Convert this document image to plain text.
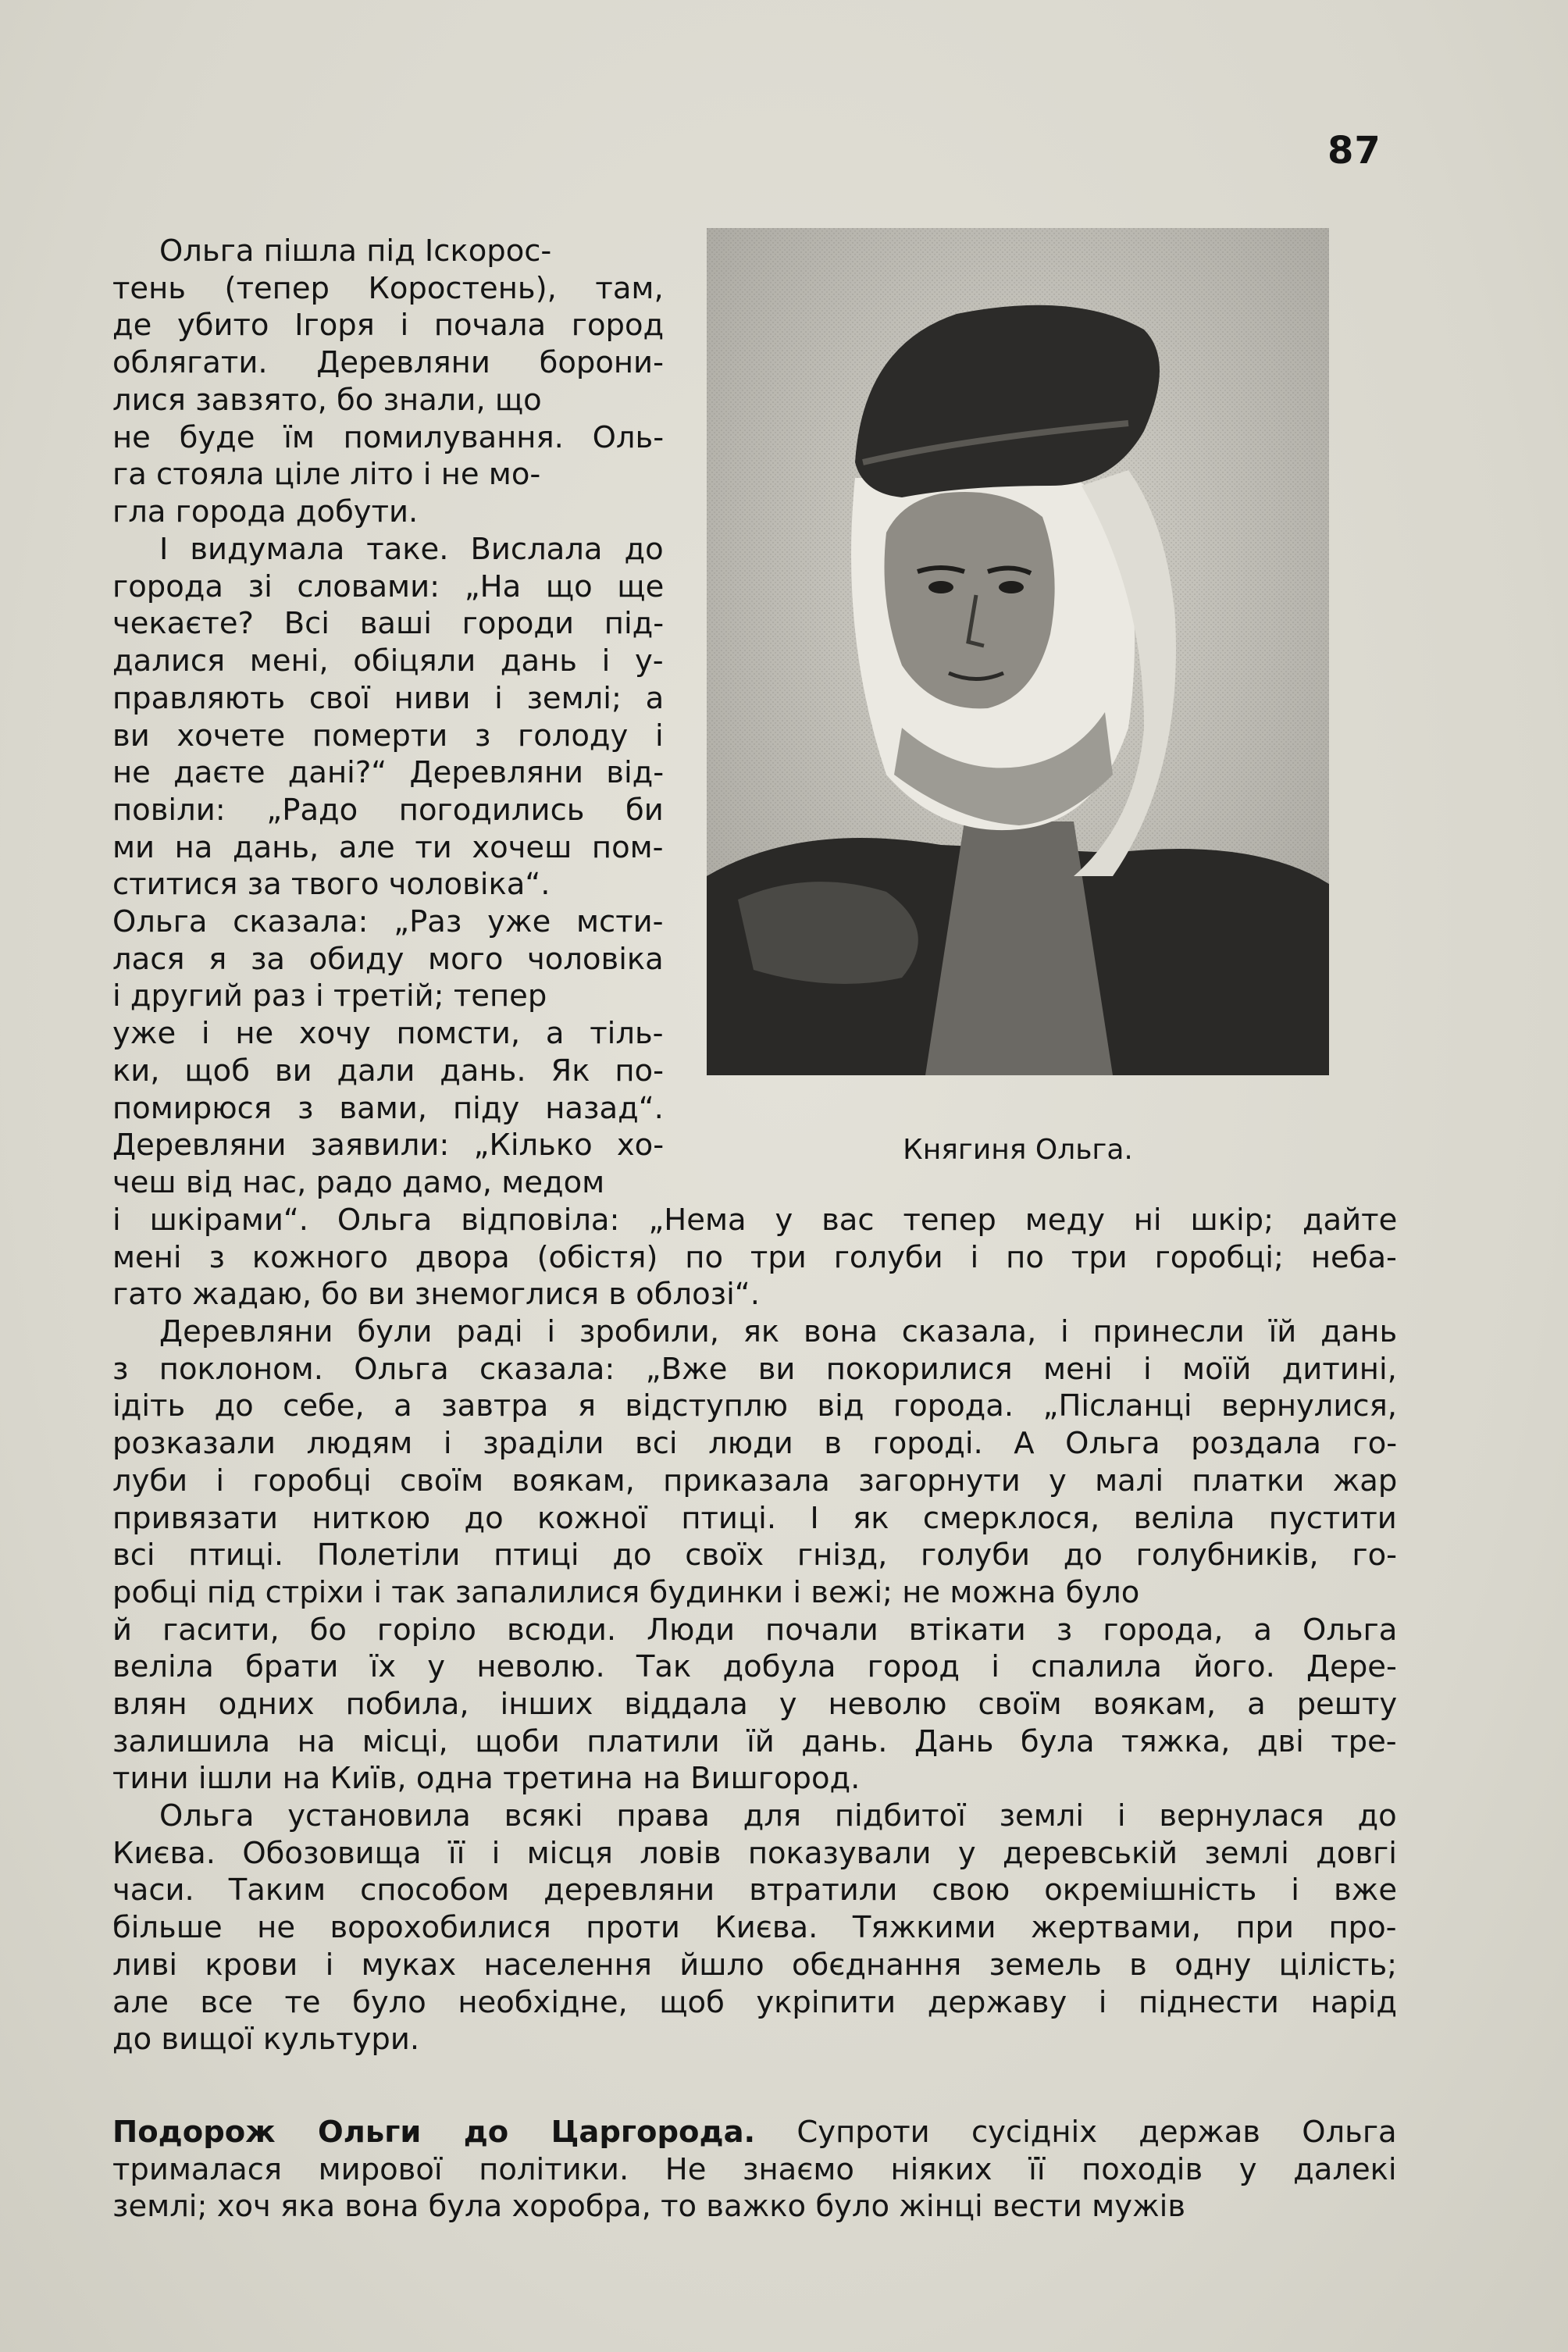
87
Княгиня Ольга.
Ольга пішла під Іскорос-
тень (тепер Коростень), там,
де убито Ігоря і почала город
облягати. Деревляни борони-
лися завзято, бо знали, що
не буде їм помилування. Оль-
га стояла ціле літо і не мо-
гла города добути.
І видумала таке. Вислала до
города зі словами: „На що ще
чекаєте? Всі ваші городи під-
далися мені, обіцяли дань і у-
правляють свої ниви і землі; а
ви хочете померти з голоду і
не даєте дані?“ Деревляни від-
повіли: „Радо погодились би
ми на дань, але ти хочеш пом-
ститися за твого чоловіка“.
Ольга сказала: „Раз уже мсти-
лася я за обиду мого чоловіка
і другий раз і третій; тепер
уже і не хочу помсти, а тіль-
ки, щоб ви дали дань. Як по-
помирюся з вами, піду назад“.
Деревляни заявили: „Кілько хо-
чеш від нас, радо дамо, медом
і шкірами“. Ольга відповіла: „Нема у вас тепер меду ні шкір; дайте
мені з кожного двора (обістя) по три голуби і по три горобці; неба-
гато жадаю, бо ви знемоглися в облозі“.
Деревляни були раді і зробили, як вона сказала, і принесли їй дань
з поклоном. Ольга сказала: „Вже ви покорилися мені і моїй дитині,
ідіть до себе, а завтра я відступлю від города. „Післанці вернулися,
розказали людям і зраділи всі люди в городі. А Ольга роздала го-
луби і горобці своїм воякам, приказала загорнути у малі платки жар
привязати ниткою до кожної птиці. І як смерклося, веліла пустити
всі птиці. Полетіли птиці до своїх гнізд, голуби до голубників, го-
робці під стріхи і так запалилися будинки і вежі; не можна було
й гасити, бо горіло всюди. Люди почали втікати з города, а Ольга
веліла брати їх у неволю. Так добула город і спалила його. Дере-
влян одних побила, інших віддала у неволю своїм воякам, а решту
залишила на місці, щоби платили їй дань. Дань була тяжка, дві тре-
тини ішли на Київ, одна третина на Вишгород.
Ольга установила всякі права для підбитої землі і вернулася до
Києва. Обозовища її і місця ловів показували у деревській землі довгі
часи. Таким способом деревляни втратили свою окремішність і вже
більше не ворохобилися проти Києва. Тяжкими жертвами, при про-
ливі крови і муках населення йшло обєднання земель в одну цілість;
але все те було необхідне, щоб укріпити державу і піднести нарід
до вищої культури.
Подорож Ольги до Царгорода. Супроти сусідніх держав Ольга
трималася мирової політики. Не знаємо ніяких її походів у далекі
землі; хоч яка вона була хоробра, то важко було жінці вести мужів
